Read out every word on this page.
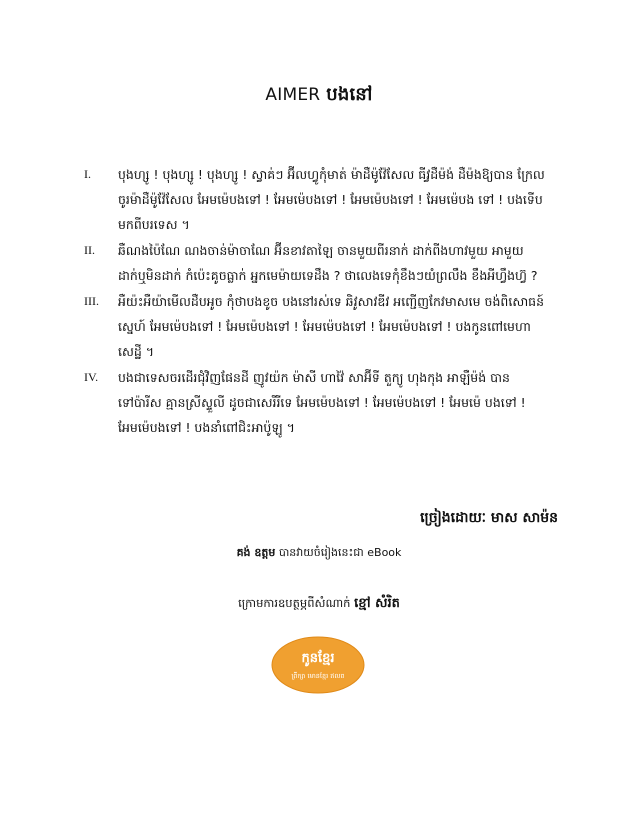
AIMER បងនៅ
I. បុងហ្សូ ! បុងហ្សូ ! បុងហ្សូ ! ស្វាគ់ៗ អ៊ីលហ្វូកុំមាត់ ម៉ាដឺម៉ូវ៉ែសែល ធីវ្វដឺម៉ង់ ដឺម៉ងឱ្យបាន ក្រែល ចូរម៉ាដឺម៉ូវ៉ែសែល អែមម៉េបងទៅ ! អែមម៉េបងទៅ ! អែមម៉េបងទៅ ! អែមម៉េបង ទៅ ! បងទើបមកពីបរទេស ។
II. ឆឺណងប៉ៃណែ ណងចាន់ម៉ាចាណែ អ៊ីនខាវតាឡៃ ចានមួយពីរនាក់ ដាក់ពីងហាវមួយ អាមួយដាក់ឬមិនដាក់ កំប៉េះគូចធ្លាក់ អ្នកមេម៉ាយទេដឹង ? ថាលេងទេកុំខឹងៗយំព្រលឹង ខឹងអីហ្វឹងហ៊្វ ?
III. អឺយ៉ះអឺយ៉ាមើលដឺបអូច កុំថាបងខូច បងនៅរស់ទេ ឆិវូសាវឌីវ អញ្ជើញកែវមាសមេ ចង់ពិសោធន៍ស្នេហ៍ អែមម៉េបងទៅ ! អែមម៉េបងទៅ ! អែមម៉េបងទៅ ! អែមម៉េបងទៅ ! បងកូនពៅមេហាសេដ្ឋី ។
IV. បងជាទេសចរដើរជុំវិញផែនដី ញូវយ៉ក ម៉ាសី ហាវ៉ៃ សាអ៊ីទី តួក្យូ ហុងកុង អាឡឺម៉ង់ បានទៅប៉ារីស គ្មានស្រីស្ទួលី ដូចជាសេរីរីទេ អែមម៉េបងទៅ ! អែមម៉េបងទៅ ! អែមម៉េ បងទៅ ! អែមម៉េបងទៅ ! បងនាំពៅជិះអាប៉ូឡូ ។
ច្រៀងដោយៈ មាស សាម៉ន
គង់ ឧត្តម បានវាយចំរៀងនេះជា eBook
ក្រោមការឧបត្ថម្ភពីសំណាក់ ខ្មៅ សំរិត
កូនខ្មែរ
ព្រីក្សា មោនខ្មែរ ឥលព
